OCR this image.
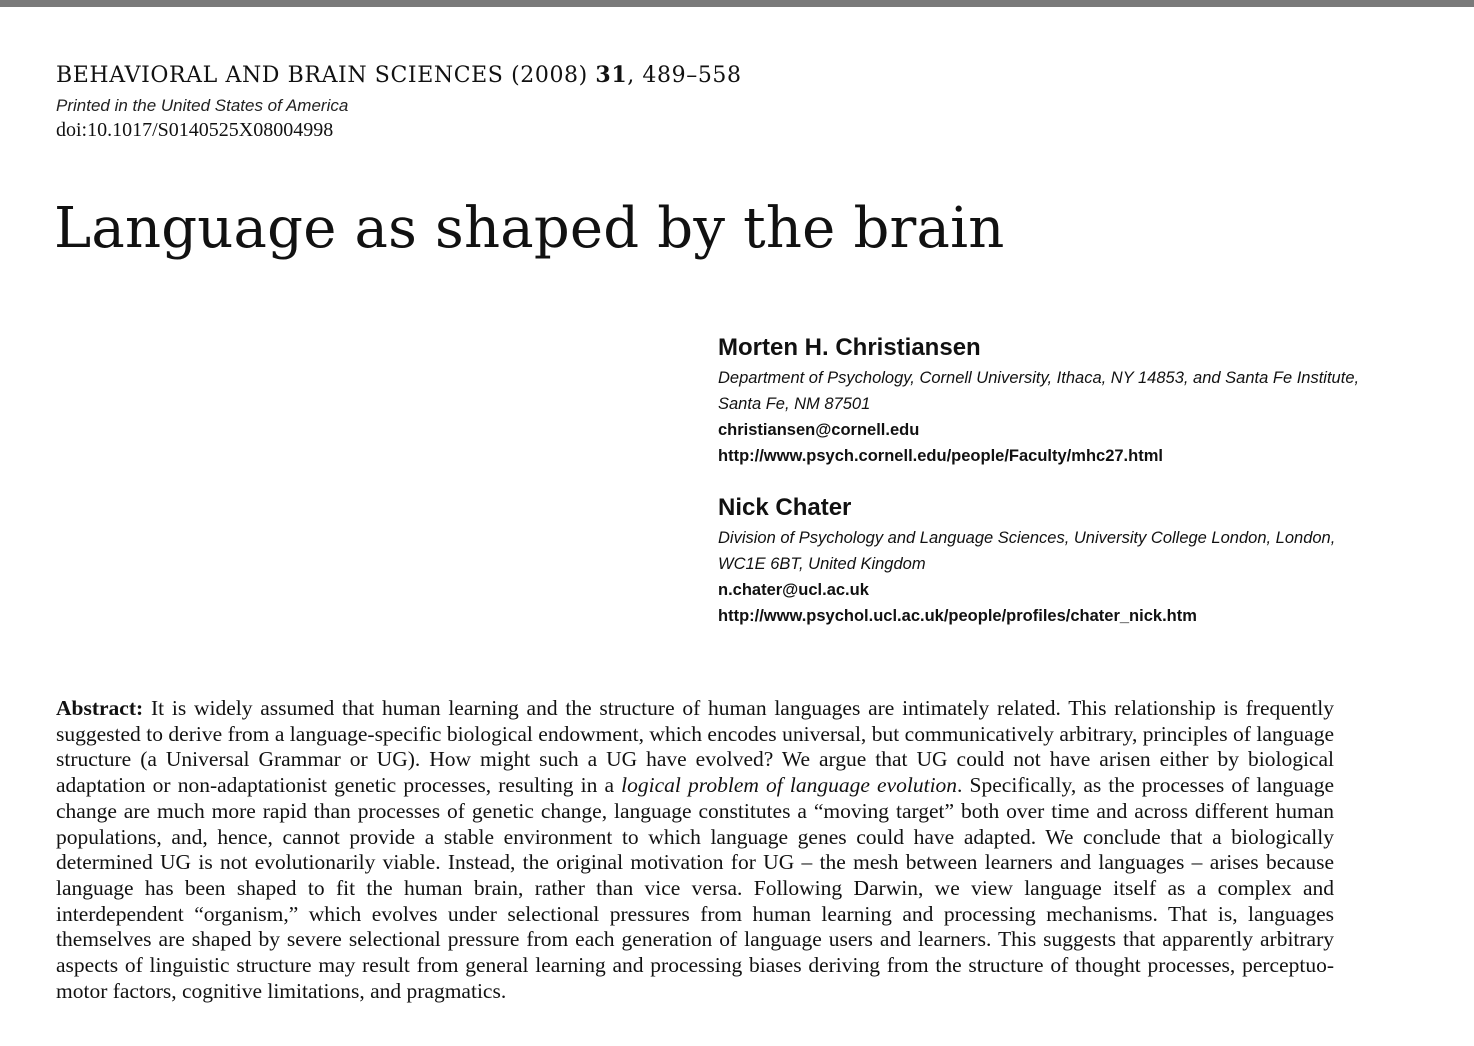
BEHAVIORAL AND BRAIN SCIENCES (2008) 31, 489–558
Printed in the United States of America
doi:10.1017/S0140525X08004998
Language as shaped by the brain
Morten H. Christiansen
Department of Psychology, Cornell University, Ithaca, NY 14853, and Santa Fe Institute, Santa Fe, NM 87501
christiansen@cornell.edu
http://www.psych.cornell.edu/people/Faculty/mhc27.html
Nick Chater
Division of Psychology and Language Sciences, University College London, London, WC1E 6BT, United Kingdom
n.chater@ucl.ac.uk
http://www.psychol.ucl.ac.uk/people/profiles/chater_nick.htm

Abstract: It is widely assumed that human learning and the structure of human languages are intimately related. This relationship is frequently suggested to derive from a language-specific biological endowment, which encodes universal, but communicatively arbitrary, principles of language structure (a Universal Grammar or UG). How might such a UG have evolved? We argue that UG could not have arisen either by biological adaptation or non-adaptationist genetic processes, resulting in a logical problem of language evolution. Specifically, as the processes of language change are much more rapid than processes of genetic change, language constitutes a “moving target” both over time and across different human populations, and, hence, cannot provide a stable environment to which language genes could have adapted. We conclude that a biologically determined UG is not evolutionarily viable. Instead, the original motivation for UG – the mesh between learners and languages – arises because language has been shaped to fit the human brain, rather than vice versa. Following Darwin, we view language itself as a complex and interdependent “organism,” which evolves under selectional pressures from human learning and processing mechanisms. That is, languages themselves are shaped by severe selectional pressure from each generation of language users and learners. This suggests that apparently arbitrary aspects of linguistic structure may result from general learning and processing biases deriving from the structure of thought processes, perceptuo-motor factors, cognitive limitations, and pragmatics.
